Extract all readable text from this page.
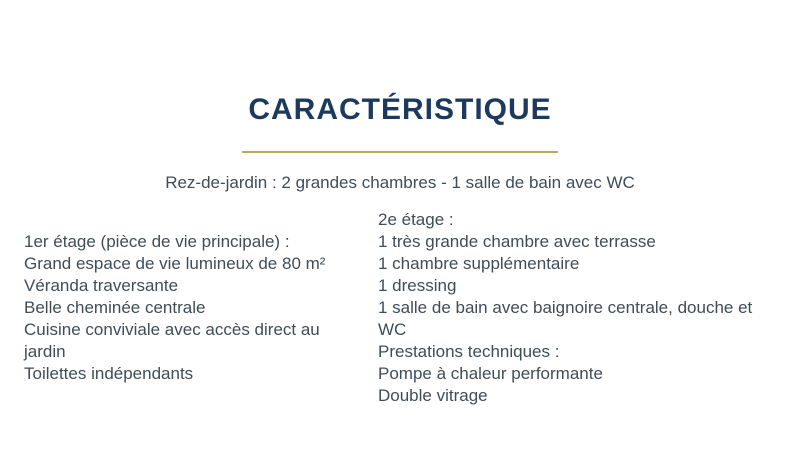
CARACTÉRISTIQUE
Rez-de-jardin : 2 grandes chambres - 1 salle de bain avec WC
1er étage (pièce de vie principale) :
Grand espace de vie lumineux de 80 m²
Véranda traversante
Belle cheminée centrale
Cuisine conviviale avec accès direct au jardin
Toilettes indépendants
2e étage :
1 très grande chambre avec terrasse
1 chambre supplémentaire
1 dressing
1 salle de bain avec baignoire centrale, douche et WC
Prestations techniques :
Pompe à chaleur performante
Double vitrage
